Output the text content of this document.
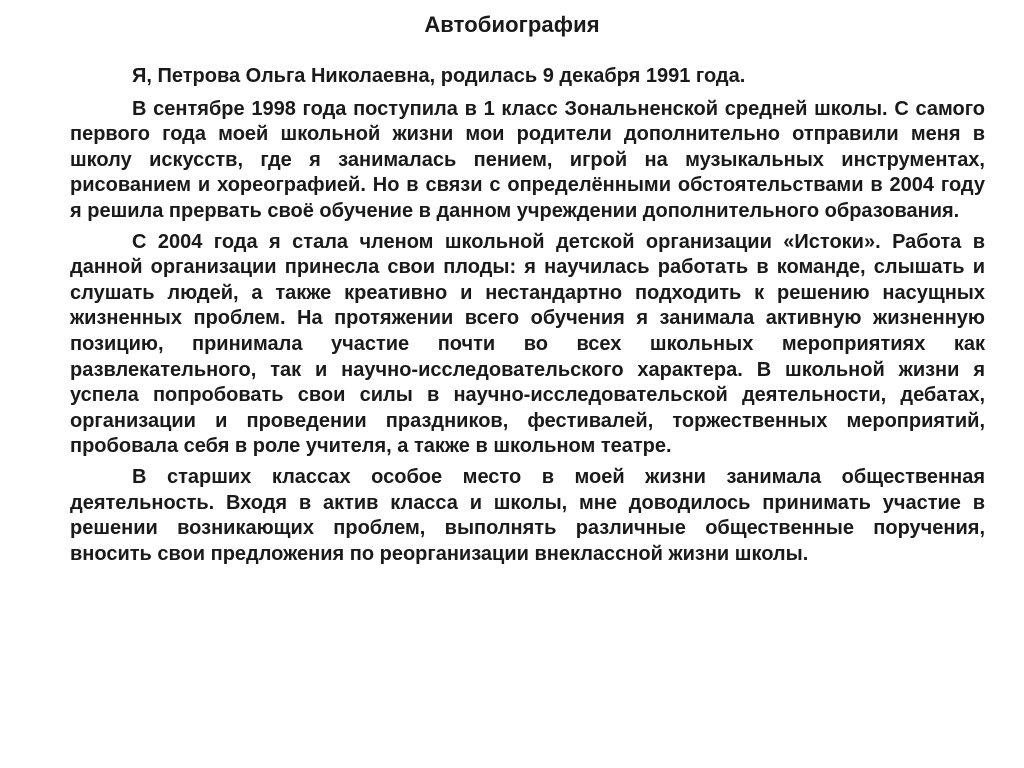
Автобиография

Я, Петрова Ольга Николаевна, родилась 9 декабря 1991 года.

В сентябре 1998 года поступила в 1 класс Зональненской средней школы. С самого первого года моей школьной жизни мои родители дополнительно отправили меня в школу искусств, где я занималась пением, игрой на музыкальных инструментах, рисованием и хореографией. Но в связи с определёнными обстоятельствами в 2004 году я решила прервать своё обучение в данном учреждении дополнительного образования.

С 2004 года я стала членом школьной детской организации «Истоки». Работа в данной организации принесла свои плоды: я научилась работать в команде, слышать и слушать людей, а также креативно и нестандартно подходить к решению насущных жизненных проблем. На протяжении всего обучения я занимала активную жизненную позицию, принимала участие почти во всех школьных мероприятиях как развлекательного, так и научно-исследовательского характера. В школьной жизни я успела попробовать свои силы в научно-исследовательской деятельности, дебатах, организации и проведении праздников, фестивалей, торжественных мероприятий, пробовала себя в роле учителя, а также в школьном театре.

В старших классах особое место в моей жизни занимала общественная деятельность. Входя в актив класса и школы, мне доводилось принимать участие в решении возникающих проблем, выполнять различные общественные поручения, вносить свои предложения по реорганизации внеклассной жизни школы.
